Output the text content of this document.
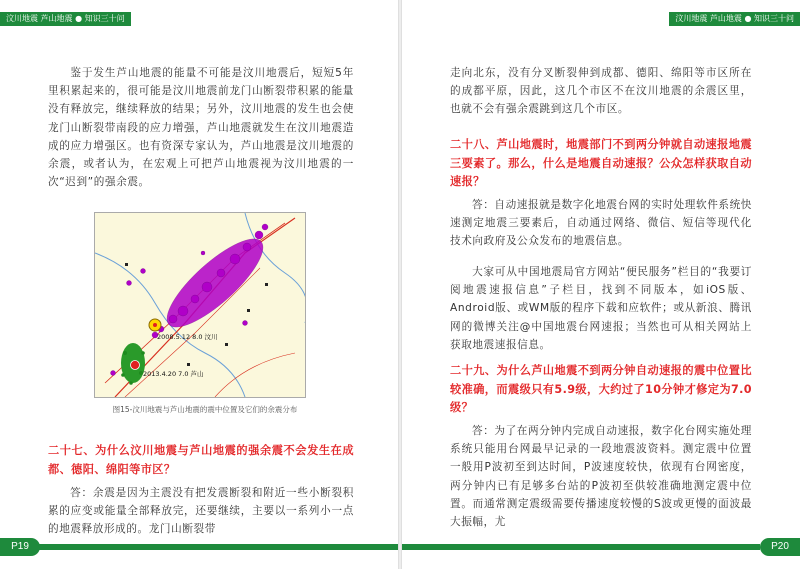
汶川地震 芦山地震 ● 知识三十问
鉴于发生芦山地震的能量不可能是汶川地震后，短短5年里积累起来的，很可能是汶川地震前龙门山断裂带积累的能量没有释放完，继续释放的结果；另外，汶川地震的发生也会使龙门山断裂带南段的应力增强，芦山地震就发生在汶川地震造成的应力增强区。也有资深专家认为，芦山地震是汶川地震的余震，或者认为，在宏观上可把芦山地震视为汶川地震的一次“迟到”的强余震。
2008.5.12 8.0 汶川
2013.4.20 7.0 芦山
图15-汶川地震与芦山地震的震中位置及它们的余震分布
二十七、为什么汶川地震与芦山地震的强余震不会发生在成都、德阳、绵阳等市区？
答：余震是因为主震没有把发震断裂和附近一些小断裂积累的应变或能量全部释放完，还要继续，主要以一系列小一点的地震释放形成的。龙门山断裂带
P19
汶川地震 芦山地震 ● 知识三十问
走向北东，没有分叉断裂伸到成都、德阳、绵阳等市区所在的成都平原，因此，这几个市区不在汶川地震的余震区里，也就不会有强余震跳到这几个市区。
二十八、芦山地震时，地震部门不到两分钟就自动速报地震三要素了。那么，什么是地震自动速报？公众怎样获取自动速报？
答：自动速报就是数字化地震台网的实时处理软件系统快速测定地震三要素后，自动通过网络、微信、短信等现代化技术向政府及公众发布的地震信息。
大家可从中国地震局官方网站“便民服务”栏目的“我要订阅地震速报信息”子栏目，找到不同版本，如iOS版、Android版、或WM版的程序下载和应软件；或从新浪、腾讯网的微博关注@中国地震台网速报；当然也可从相关网站上获取地震速报信息。
二十九、为什么芦山地震不到两分钟自动速报的震中位置比较准确，而震级只有5.9级，大约过了10分钟才修定为7.0级？
答：为了在两分钟内完成自动速报，数字化台网实施处理系统只能用台网最早记录的一段地震波资料。测定震中位置一般用P波初至到达时间，P波速度较快，依现有台网密度，两分钟内已有足够多台站的P波初至供较准确地测定震中位置。而通常测定震级需要传播速度较慢的S波或更慢的面波最大振幅，尤
P20
